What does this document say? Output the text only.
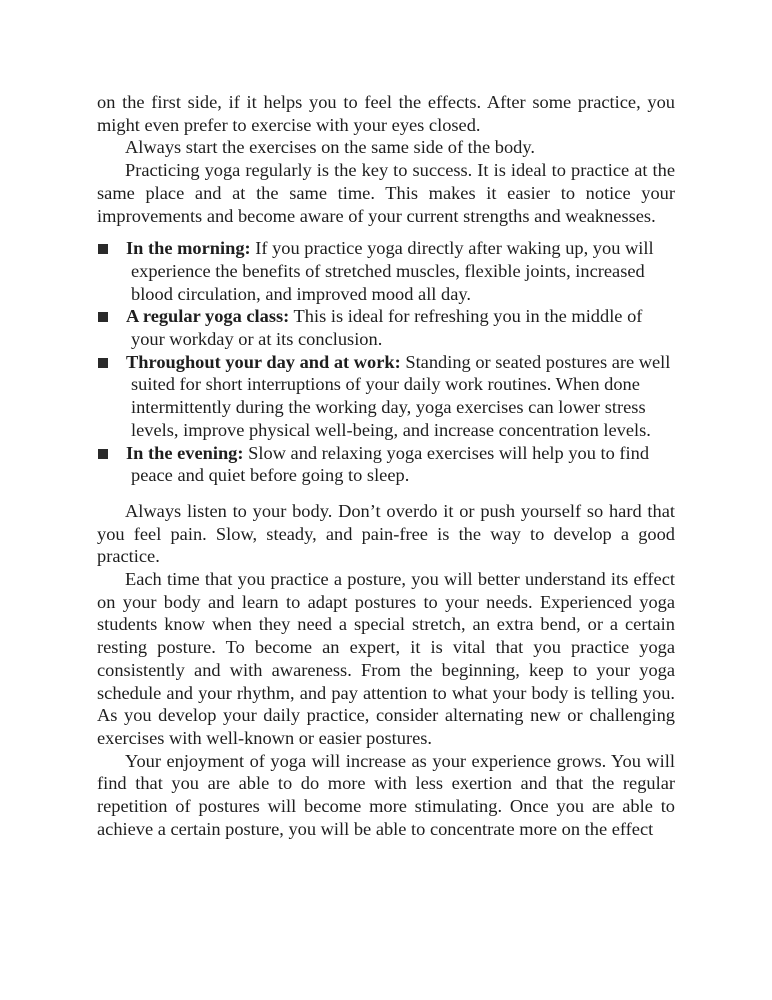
on the first side, if it helps you to feel the effects. After some practice, you might even prefer to exercise with your eyes closed.

Always start the exercises on the same side of the body.

Practicing yoga regularly is the key to success. It is ideal to practice at the same place and at the same time. This makes it easier to notice your improvements and become aware of your current strengths and weaknesses.

In the morning: If you practice yoga directly after waking up, you will experience the benefits of stretched muscles, flexible joints, increased blood circulation, and improved mood all day.
A regular yoga class: This is ideal for refreshing you in the middle of your workday or at its conclusion.
Throughout your day and at work: Standing or seated postures are well suited for short interruptions of your daily work routines. When done intermittently during the working day, yoga exercises can lower stress levels, improve physical well-being, and increase concentration levels.
In the evening: Slow and relaxing yoga exercises will help you to find peace and quiet before going to sleep.

Always listen to your body. Don’t overdo it or push yourself so hard that you feel pain. Slow, steady, and pain-free is the way to develop a good practice.

Each time that you practice a posture, you will better understand its effect on your body and learn to adapt postures to your needs. Experienced yoga students know when they need a special stretch, an extra bend, or a certain resting posture. To become an expert, it is vital that you practice yoga consistently and with awareness. From the beginning, keep to your yoga schedule and your rhythm, and pay attention to what your body is telling you. As you develop your daily practice, consider alternating new or challenging exercises with well-known or easier postures.

Your enjoyment of yoga will increase as your experience grows. You will find that you are able to do more with less exertion and that the regular repetition of postures will become more stimulating. Once you are able to achieve a certain posture, you will be able to concentrate more on the effect
